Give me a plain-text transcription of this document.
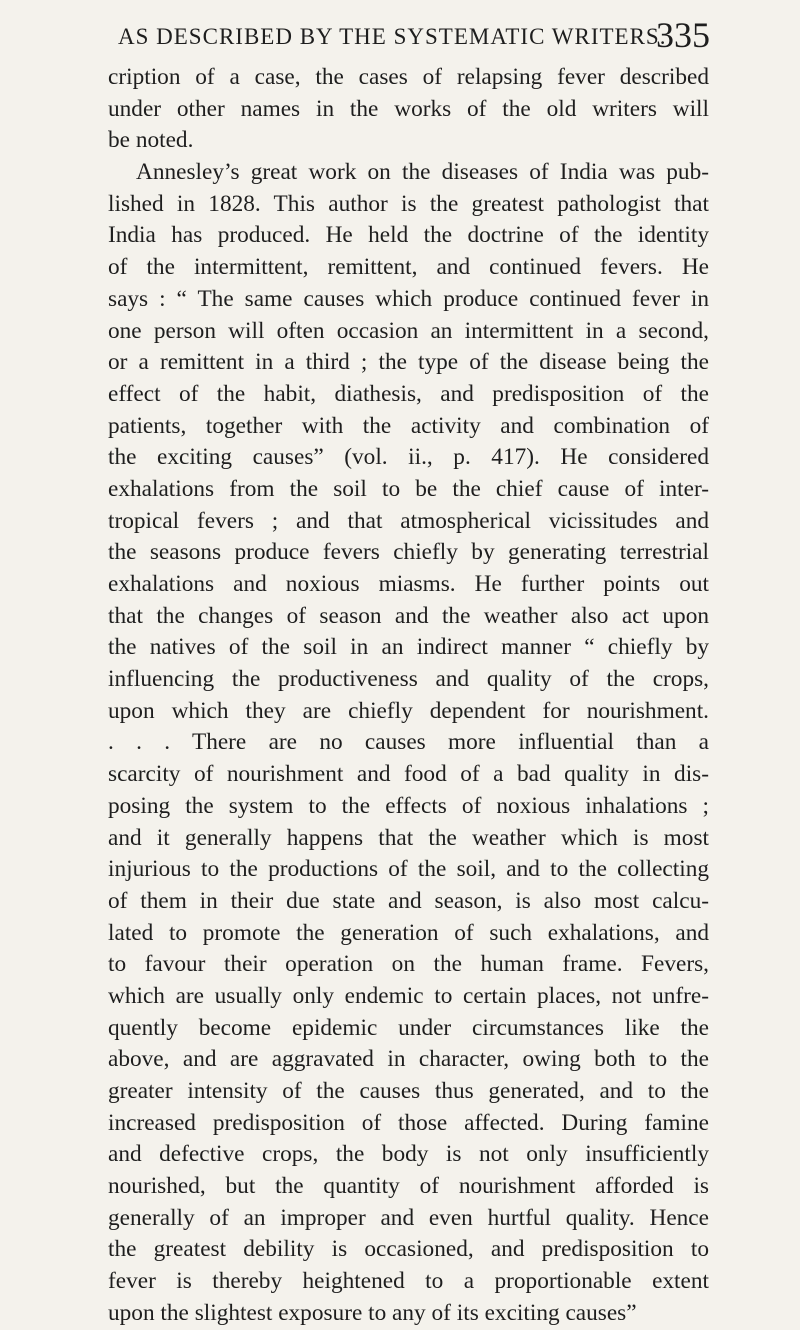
AS DESCRIBED BY THE SYSTEMATIC WRITERS.
335
cription of a case, the cases of relapsing fever described
under other names in the works of the old writers will
be noted.
Annesley’s great work on the diseases of India was pub-
lished in 1828. This author is the greatest pathologist that
India has produced. He held the doctrine of the identity
of the intermittent, remittent, and continued fevers. He
says : “ The same causes which produce continued fever in
one person will often occasion an intermittent in a second,
or a remittent in a third ; the type of the disease being the
effect of the habit, diathesis, and predisposition of the
patients, together with the activity and combination of
the exciting causes” (vol. ii., p. 417). He considered
exhalations from the soil to be the chief cause of inter-
tropical fevers ; and that atmospherical vicissitudes and
the seasons produce fevers chiefly by generating terrestrial
exhalations and noxious miasms. He further points out
that the changes of season and the weather also act upon
the natives of the soil in an indirect manner “ chiefly by
influencing the productiveness and quality of the crops,
upon which they are chiefly dependent for nourishment.
. . . There are no causes more influential than a
scarcity of nourishment and food of a bad quality in dis-
posing the system to the effects of noxious inhalations ;
and it generally happens that the weather which is most
injurious to the productions of the soil, and to the collecting
of them in their due state and season, is also most calcu-
lated to promote the generation of such exhalations, and
to favour their operation on the human frame. Fevers,
which are usually only endemic to certain places, not unfre-
quently become epidemic under circumstances like the
above, and are aggravated in character, owing both to the
greater intensity of the causes thus generated, and to the
increased predisposition of those affected. During famine
and defective crops, the body is not only insufficiently
nourished, but the quantity of nourishment afforded is
generally of an improper and even hurtful quality. Hence
the greatest debility is occasioned, and predisposition to
fever is thereby heightened to a proportionable extent
upon the slightest exposure to any of its exciting causes”
